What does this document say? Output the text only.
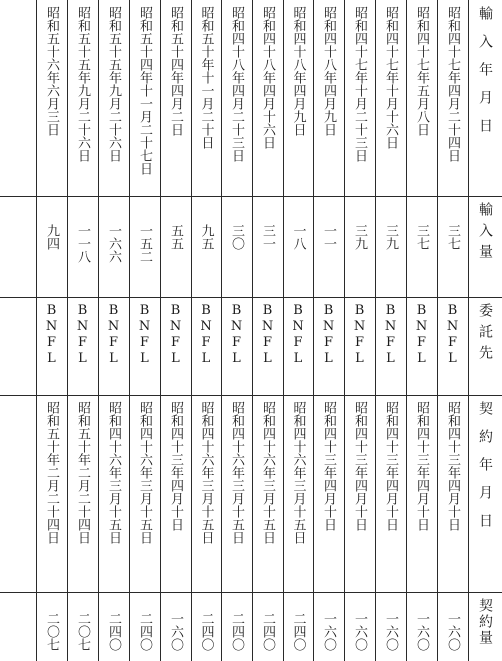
輸入年月日
輸入量
委託先
契約年月日
契約量
昭和四十七年四月二十四日
三七
BNFL
昭和四十三年四月十日
一六〇
昭和四十七年五月八日
三七
BNFL
昭和四十三年四月十日
一六〇
昭和四十七年十月十六日
三九
BNFL
昭和四十三年四月十日
一六〇
昭和四十七年十月二十三日
三九
BNFL
昭和四十三年四月十日
一六〇
昭和四十八年四月九日
一一
BNFL
昭和四十三年四月十日
一六〇
昭和四十八年四月九日
一八
BNFL
昭和四十六年三月十五日
二四〇
昭和四十八年四月十六日
三一
BNFL
昭和四十六年三月十五日
二四〇
昭和四十八年四月二十三日
三〇
BNFL
昭和四十六年三月十五日
二四〇
昭和五十年十一月二十日
九五
BNFL
昭和四十六年三月十五日
二四〇
昭和五十四年四月二日
五五
BNFL
昭和四十三年四月十日
一六〇
昭和五十四年十一月二十七日
一五二
BNFL
昭和四十六年三月十五日
二四〇
昭和五十五年九月二十六日
一六六
BNFL
昭和四十六年三月十五日
二四〇
昭和五十五年九月二十六日
一一八
BNFL
昭和五十年二月二十四日
二〇七
昭和五十六年六月三日
九四
BNFL
昭和五十年二月二十四日
二〇七
